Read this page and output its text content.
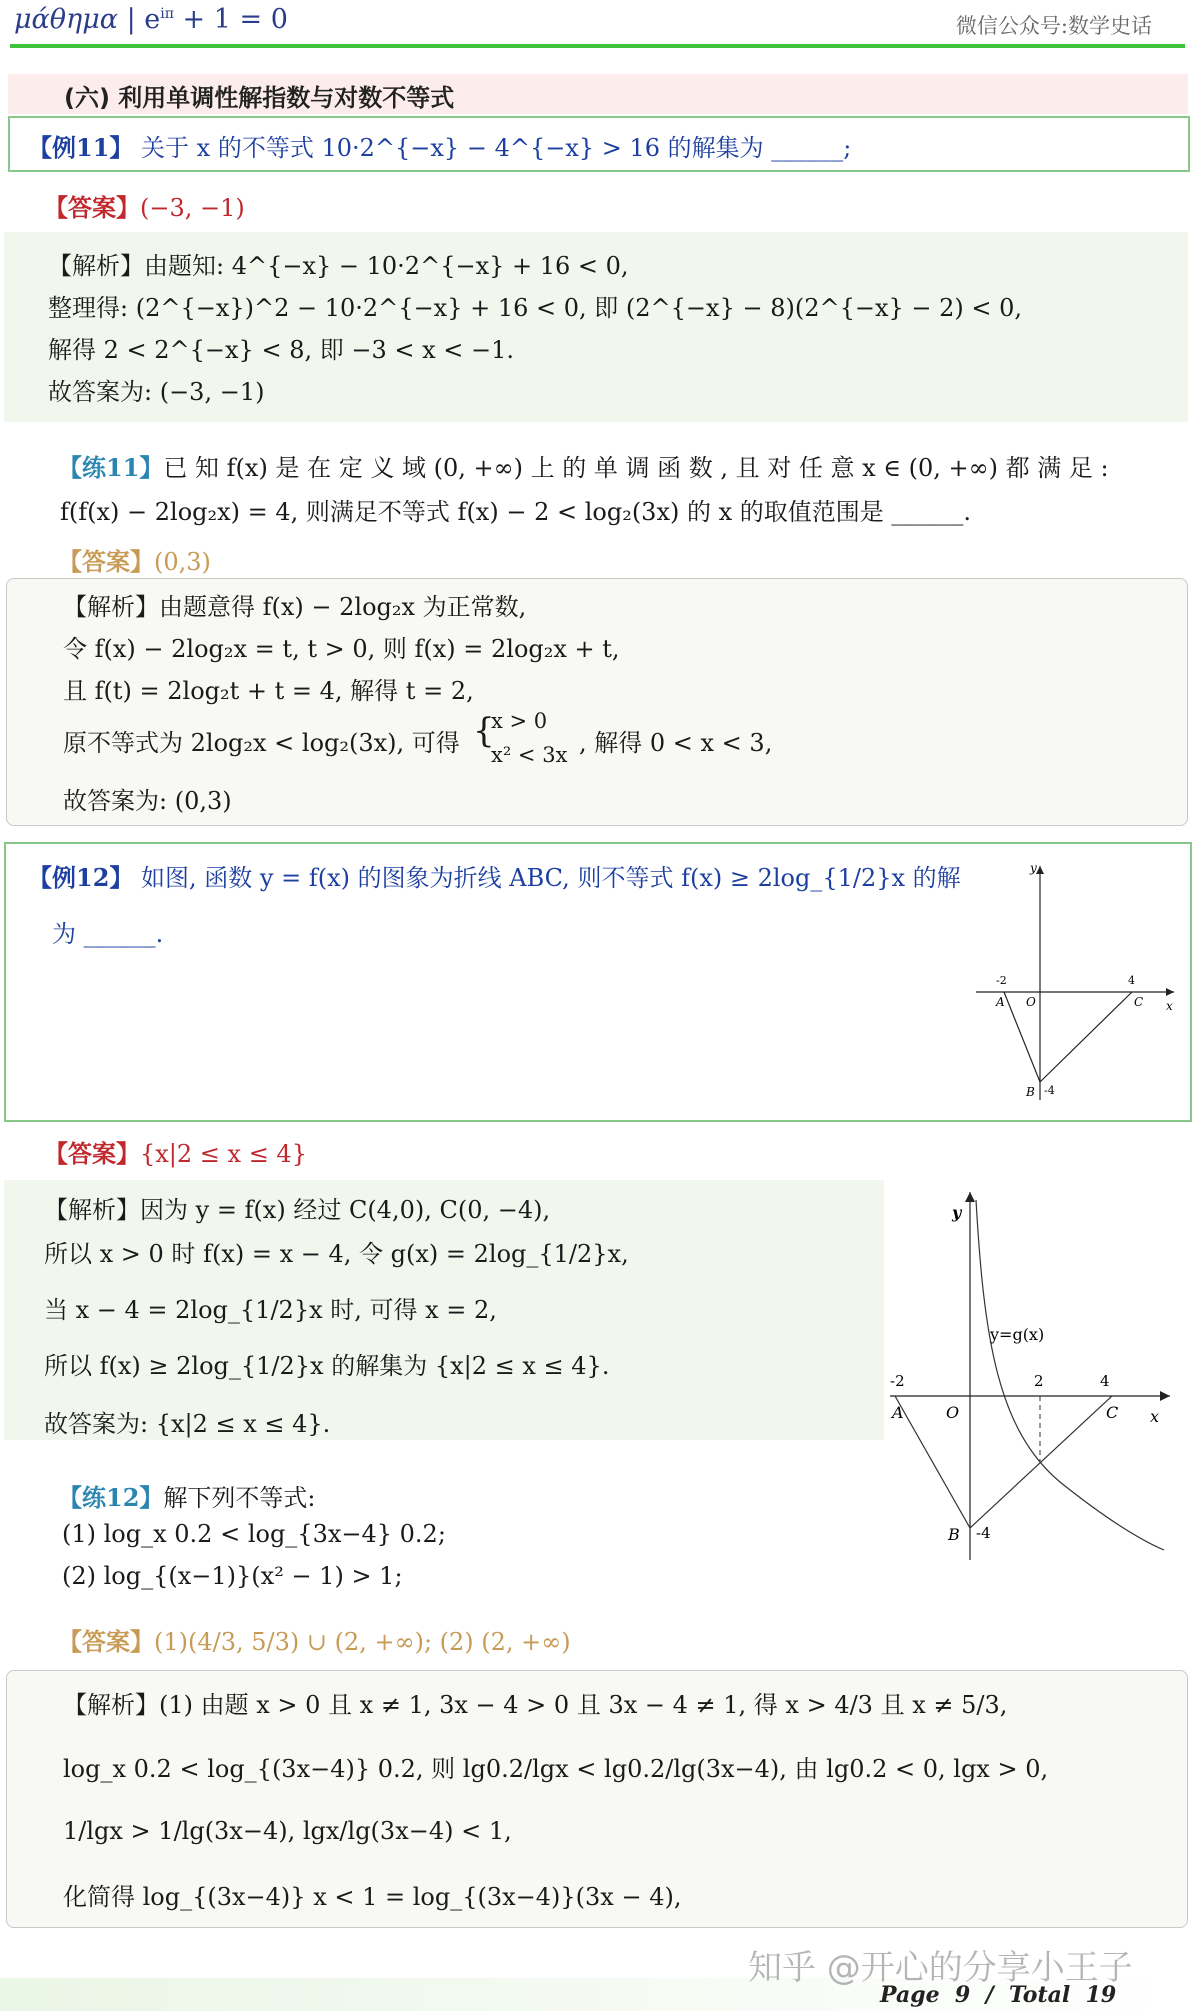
μάθημα | $e^{i\pi} + 1 = 0$	微信公众号:数学史话
(六) 利用单调性解指数与对数不等式
【例11】 关于 x 的不等式 10·2^{−x} − 4^{−x} > 16 的解集为 ______;
【答案】(−3, −1)
【解析】由题知: 4^{−x} − 10·2^{−x} + 16 < 0,
整理得: (2^{−x})^2 − 10·2^{−x} + 16 < 0, 即 (2^{−x} − 8)(2^{−x} − 2) < 0,
解得 2 < 2^{−x} < 8, 即 −3 < x < −1.
故答案为: (−3, −1)
【练11】已 知 f(x) 是 在 定 义 域 (0, +∞) 上 的 单 调 函 数 , 且 对 任 意 x ∈ (0, +∞) 都 满 足 :
f(f(x) − 2log₂x) = 4, 则满足不等式 f(x) − 2 < log₂(3x) 的 x 的取值范围是 ______.
【答案】(0,3)
【解析】由题意得 f(x) − 2log₂x 为正常数,
令 f(x) − 2log₂x = t, t > 0, 则 f(x) = 2log₂x + t,
且 f(t) = 2log₂t + t = 4, 解得 t = 2,
原不等式为 2log₂x < log₂(3x), 可得 {
x > 0
x² < 3x , 解得 0 < x < 3,
故答案为: (0,3)
【例12】 如图, 函数 y = f(x) 的图象为折线 ABC, 则不等式 f(x) ≥ 2log_{1/2}x 的解
为 ______.
y
x
-2
A O
4
C
B -4
【答案】{x|2 ≤ x ≤ 4}
【解析】因为 y = f(x) 经过 C(4,0), C(0, −4),
所以 x > 0 时 f(x) = x − 4, 令 g(x) = 2log_{1/2}x,
当 x − 4 = 2log_{1/2}x 时, 可得 x = 2,
所以 f(x) ≥ 2log_{1/2}x 的解集为 {x|2 ≤ x ≤ 4}.
故答案为: {x|2 ≤ x ≤ 4}.
y
x
y=g(x)
-2
A	O
2	4
C
B -4
【练12】解下列不等式:
(1) log_x 0.2 < log_{3x−4} 0.2;
(2) log_{(x−1)}(x² − 1) > 1;
【答案】(1)(4/3, 5/3) ∪ (2, +∞); (2) (2, +∞)
【解析】(1) 由题 x > 0 且 x ≠ 1, 3x − 4 > 0 且 3x − 4 ≠ 1, 得 x > 4/3 且 x ≠ 5/3,
log_x 0.2 < log_{(3x−4)} 0.2, 则 lg0.2/lgx < lg0.2/lg(3x−4), 由 lg0.2 < 0, lgx > 0,
1/lgx > 1/lg(3x−4), lgx/lg(3x−4) < 1,
化简得 log_{(3x−4)} x < 1 = log_{(3x−4)}(3x − 4),
知乎 @开心的分享小王子
Page 9 / Total 19
